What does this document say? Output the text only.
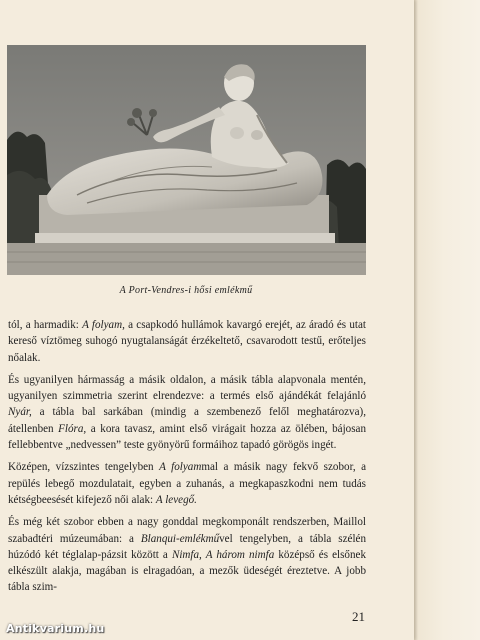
A Port-Vendres-i hősi emlékmű

tól, a harmadik: A folyam, a csapkodó hullámok kavargó erejét, az áradó és utat kereső víztömeg suhogó nyugtalanságát érzékeltető, csavarodott testű, erőteljes nőalak.

És ugyanilyen hármasság a másik oldalon, a másik tábla alapvonala mentén, ugyanilyen szimmetria szerint elrendezve: a termés első ajándékát felajánló Nyár, a tábla bal sarkában (mindig a szembenező felől meghatározva), átellenben Flóra, a kora tavasz, amint első virágait hozza az ölében, bájosan fellebbentve „nedvessen” teste gyönyörű formáihoz tapadó görögös ingét.

Középen, vízszintes tengelyben A folyammal a másik nagy fekvő szobor, a repülés lebegő mozdulatait, egyben a zuhanás, a megkapaszkodni nem tudás kétségbeesését kifejező női alak: A levegő.

És még két szobor ebben a nagy gonddal megkomponált rendszerben, Maillol szabadtéri múzeumában: a Blanqui-emlékművel tengelyben, a tábla szélén húzódó két téglalap-pázsit között a Nimfa, A három nimfa középső és elsőnek elkészült alakja, magában is elragadóan, a mezők üdeségét éreztetve. A jobb tábla szim-

21
Antikvarium.hu
